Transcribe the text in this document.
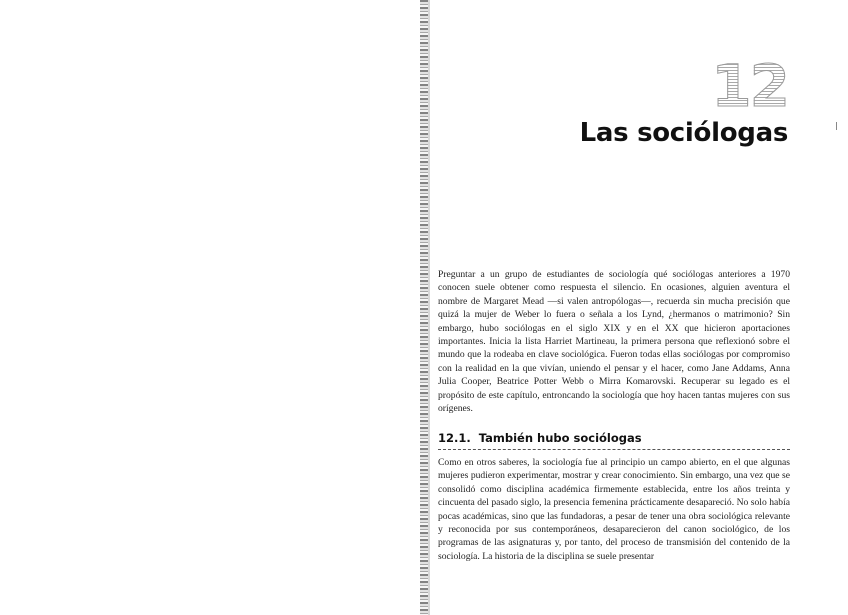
12
Las sociólogas

Preguntar a un grupo de estudiantes de sociología qué sociólogas anteriores a 1970 conocen suele obtener como respuesta el silencio. En ocasiones, alguien aventura el nombre de Margaret Mead —si valen antropólogas—, recuerda sin mucha precisión que quizá la mujer de Weber lo fuera o señala a los Lynd, ¿hermanos o matrimonio? Sin embargo, hubo sociólogas en el siglo XIX y en el XX que hicieron aportaciones importantes. Inicia la lista Harriet Martineau, la primera persona que reflexionó sobre el mundo que la rodeaba en clave sociológica. Fueron todas ellas sociólogas por compromiso con la realidad en la que vivían, uniendo el pensar y el hacer, como Jane Addams, Anna Julia Cooper, Beatrice Potter Webb o Mirra Komarovski. Recuperar su legado es el propósito de este capítulo, entroncando la sociología que hoy hacen tantas mujeres con sus orígenes.

12.1. También hubo sociólogas

Como en otros saberes, la sociología fue al principio un campo abierto, en el que algunas mujeres pudieron experimentar, mostrar y crear conocimiento. Sin embargo, una vez que se consolidó como disciplina académica firmemente establecida, entre los años treinta y cincuenta del pasado siglo, la presencia femenina prácticamente desapareció. No solo había pocas académicas, sino que las fundadoras, a pesar de tener una obra sociológica relevante y reconocida por sus contemporáneos, desaparecieron del canon sociológico, de los programas de las asignaturas y, por tanto, del proceso de transmisión del contenido de la sociología. La historia de la disciplina se suele presentar
